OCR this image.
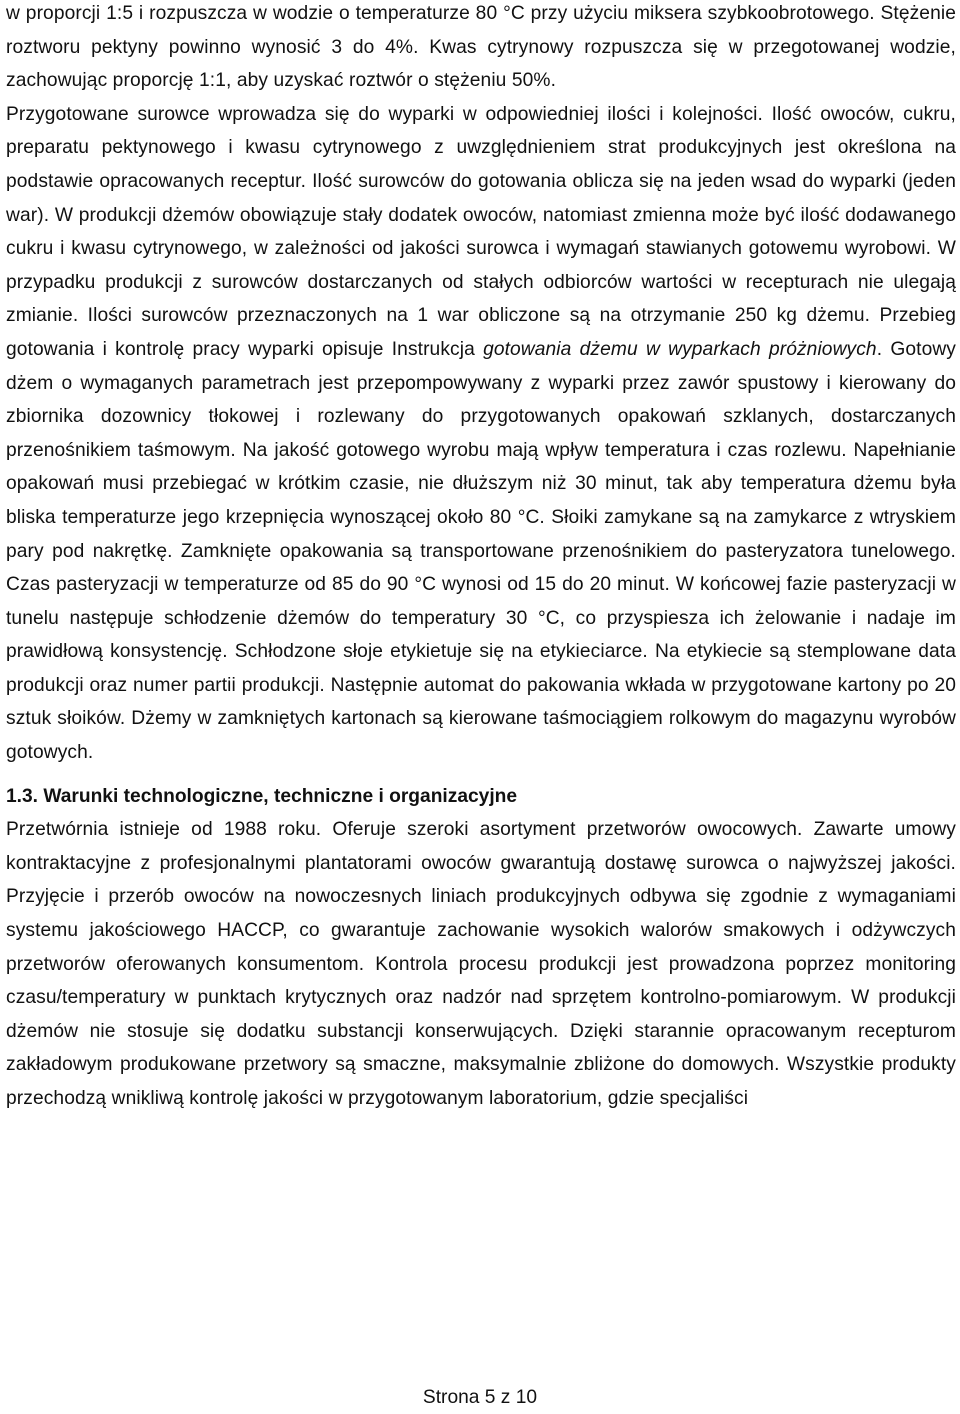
w proporcji 1:5 i rozpuszcza w wodzie o temperaturze 80 °C przy użyciu miksera szybkoobrotowego. Stężenie roztworu pektyny powinno wynosić 3 do 4%. Kwas cytrynowy rozpuszcza się w przegotowanej wodzie, zachowując proporcję 1:1, aby uzyskać roztwór o stężeniu 50%.

Przygotowane surowce wprowadza się do wyparki w odpowiedniej ilości i kolejności. Ilość owoców, cukru, preparatu pektynowego i kwasu cytrynowego z uwzględnieniem strat produkcyjnych jest określona na podstawie opracowanych receptur. Ilość surowców do gotowania oblicza się na jeden wsad do wyparki (jeden war). W produkcji dżemów obowiązuje stały dodatek owoców, natomiast zmienna może być ilość dodawanego cukru i kwasu cytrynowego, w zależności od jakości surowca i wymagań stawianych gotowemu wyrobowi. W przypadku produkcji z surowców dostarczanych od stałych odbiorców wartości w recepturach nie ulegają zmianie. Ilości surowców przeznaczonych na 1 war obliczone są na otrzymanie 250 kg dżemu. Przebieg gotowania i kontrolę pracy wyparki opisuje Instrukcja gotowania dżemu w wyparkach próżniowych. Gotowy dżem o wymaganych parametrach jest przepompowywany z wyparki przez zawór spustowy i kierowany do zbiornika dozownicy tłokowej i rozlewany do przygotowanych opakowań szklanych, dostarczanych przenośnikiem taśmowym. Na jakość gotowego wyrobu mają wpływ temperatura i czas rozlewu. Napełnianie opakowań musi przebiegać w krótkim czasie, nie dłuższym niż 30 minut, tak aby temperatura dżemu była bliska temperaturze jego krzepnięcia wynoszącej około 80 °C. Słoiki zamykane są na zamykarce z wtryskiem pary pod nakrętkę. Zamknięte opakowania są transportowane przenośnikiem do pasteryzatora tunelowego. Czas pasteryzacji w temperaturze od 85 do 90 °C wynosi od 15 do 20 minut. W końcowej fazie pasteryzacji w tunelu następuje schłodzenie dżemów do temperatury 30 °C, co przyspiesza ich żelowanie i nadaje im prawidłową konsystencję. Schłodzone słoje etykietuje się na etykieciarce. Na etykiecie są stemplowane data produkcji oraz numer partii produkcji. Następnie automat do pakowania wkłada w przygotowane kartony po 20 sztuk słoików. Dżemy w zamkniętych kartonach są kierowane taśmociągiem rolkowym do magazynu wyrobów gotowych.

1.3. Warunki technologiczne, techniczne i organizacyjne

Przetwórnia istnieje od 1988 roku. Oferuje szeroki asortyment przetworów owocowych. Zawarte umowy kontraktacyjne z profesjonalnymi plantatorami owoców gwarantują dostawę surowca o najwyższej jakości. Przyjęcie i przerób owoców na nowoczesnych liniach produkcyjnych odbywa się zgodnie z wymaganiami systemu jakościowego HACCP, co gwarantuje zachowanie wysokich walorów smakowych i odżywczych przetworów oferowanych konsumentom. Kontrola procesu produkcji jest prowadzona poprzez monitoring czasu/temperatury w punktach krytycznych oraz nadzór nad sprzętem kontrolno-pomiarowym. W produkcji dżemów nie stosuje się dodatku substancji konserwujących. Dzięki starannie opracowanym recepturom zakładowym produkowane przetwory są smaczne, maksymalnie zbliżone do domowych. Wszystkie produkty przechodzą wnikliwą kontrolę jakości w przygotowanym laboratorium, gdzie specjaliści

Strona 5 z 10
